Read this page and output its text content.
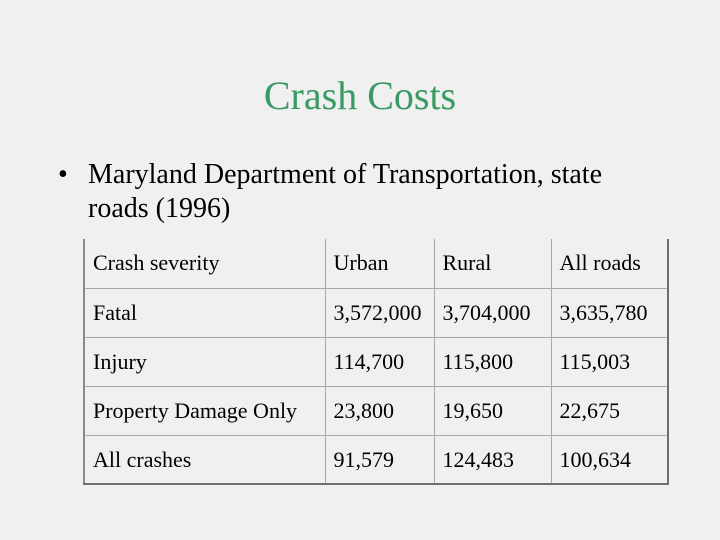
Crash Costs
• Maryland Department of Transportation, state roads (1996)
Crash severity	Urban	Rural	All roads

Fatal	3,572,000	3,704,000	3,635,780

Injury	114,700	115,800	115,003

Property Damage Only	23,800	19,650	22,675

All crashes	91,579	124,483	100,634
